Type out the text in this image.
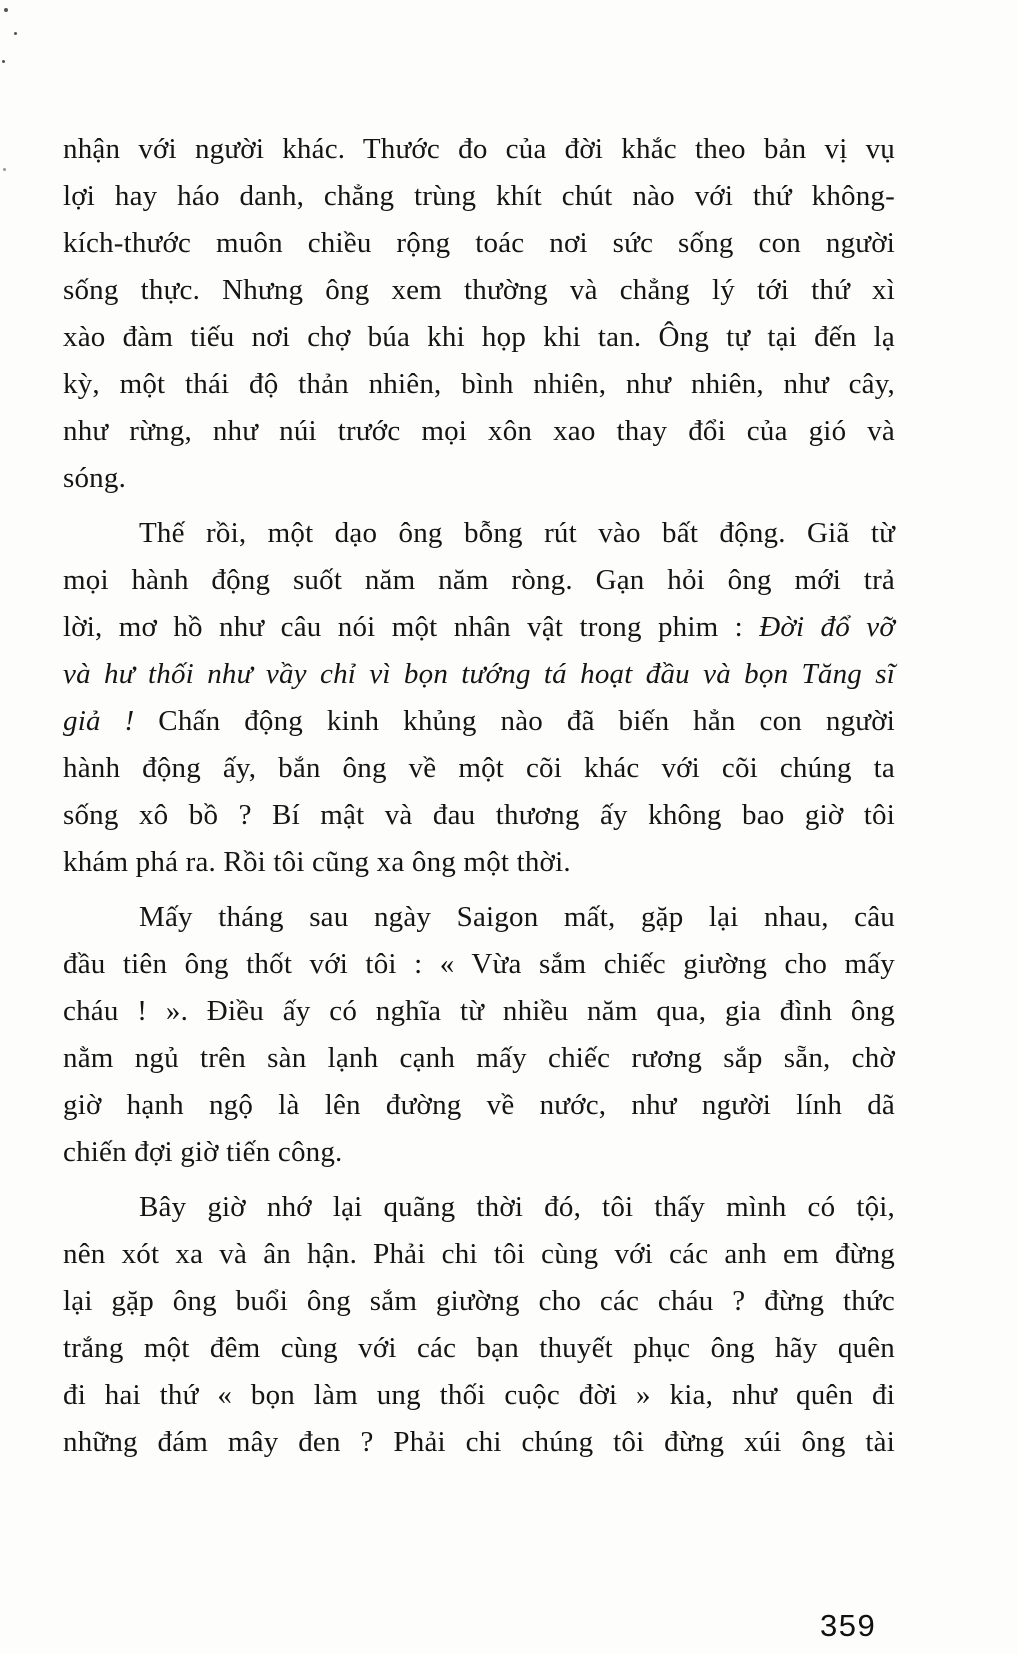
nhận với người khác. Thước đo của đời khắc theo bản vị vụ
lợi hay háo danh, chẳng trùng khít chút nào với thứ không-
kích-thước muôn chiều rộng toác nơi sức sống con người
sống thực. Nhưng ông xem thường và chẳng lý tới thứ xì
xào đàm tiếu nơi chợ búa khi họp khi tan. Ông tự tại đến lạ
kỳ, một thái độ thản nhiên, bình nhiên, như nhiên, như cây,
như rừng, như núi trước mọi xôn xao thay đổi của gió và
sóng.
Thế rồi, một dạo ông bỗng rút vào bất động. Giã từ
mọi hành động suốt năm năm ròng. Gạn hỏi ông mới trả
lời, mơ hồ như câu nói một nhân vật trong phim : Đời đổ vỡ
và hư thối như vầy chỉ vì bọn tướng tá hoạt đầu và bọn Tăng sĩ
giả ! Chấn động kinh khủng nào đã biến hẳn con người
hành động ấy, bắn ông về một cõi khác với cõi chúng ta
sống xô bồ ? Bí mật và đau thương ấy không bao giờ tôi
khám phá ra. Rồi tôi cũng xa ông một thời.
Mấy tháng sau ngày Saigon mất, gặp lại nhau, câu
đầu tiên ông thốt với tôi : « Vừa sắm chiếc giường cho mấy
cháu ! ». Điều ấy có nghĩa từ nhiều năm qua, gia đình ông
nằm ngủ trên sàn lạnh cạnh mấy chiếc rương sắp sẵn, chờ
giờ hạnh ngộ là lên đường về nước, như người lính dã
chiến đợi giờ tiến công.
Bây giờ nhớ lại quãng thời đó, tôi thấy mình có tội,
nên xót xa và ân hận. Phải chi tôi cùng với các anh em đừng
lại gặp ông buổi ông sắm giường cho các cháu ? đừng thức
trắng một đêm cùng với các bạn thuyết phục ông hãy quên
đi hai thứ « bọn làm ung thối cuộc đời » kia, như quên đi
những đám mây đen ? Phải chi chúng tôi đừng xúi ông tài
359
